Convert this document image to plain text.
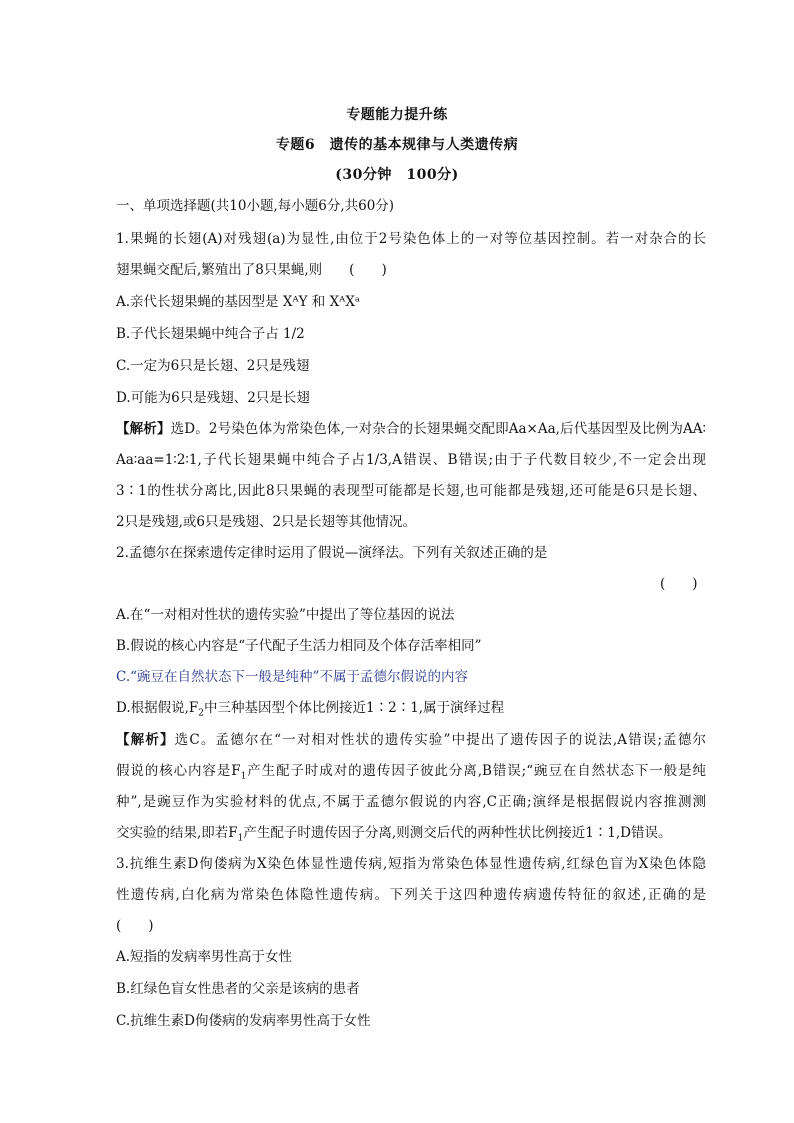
专题能力提升练
专题6　遗传的基本规律与人类遗传病
(30分钟　100分)
一、单项选择题(共10小题,每小题6分,共60分)
1.果蝇的长翅(A)对残翅(a)为显性,由位于2号染色体上的一对等位基因控制。若一对杂合的长
翅果蝇交配后,繁殖出了8只果蝇,则　　(　　)
A.亲代长翅果蝇的基因型是 XᴬY 和 XᴬXᵃ
B.子代长翅果蝇中纯合子占 1/2
C.一定为6只是长翅、2只是残翅
D.可能为6只是残翅、2只是长翅
【解析】选D。2号染色体为常染色体,一对杂合的长翅果蝇交配即Aa×Aa,后代基因型及比例为AA∶
Aa∶aa=1∶2∶1,子代长翅果蝇中纯合子占1/3,A错误、B错误;由于子代数目较少,不一定会出现
3∶1的性状分离比,因此8只果蝇的表现型可能都是长翅,也可能都是残翅,还可能是6只是长翅、
2只是残翅,或6只是残翅、2只是长翅等其他情况。
2.孟德尔在探索遗传定律时运用了假说—演绎法。下列有关叙述正确的是
(　　)
A.在“一对相对性状的遗传实验”中提出了等位基因的说法
B.假说的核心内容是“子代配子生活力相同及个体存活率相同”
C.“豌豆在自然状态下一般是纯种”不属于孟德尔假说的内容
D.根据假说$,F_2$中三种基因型个体比例接近1∶2∶1,属于演绎过程
【解析】选C。孟德尔在“一对相对性状的遗传实验”中提出了遗传因子的说法,A错误;孟德尔
假说的核心内容是$F_1$产生配子时成对的遗传因子彼此分离,B错误;“豌豆在自然状态下一般是纯
种”,是豌豆作为实验材料的优点,不属于孟德尔假说的内容,C正确;演绎是根据假说内容推测测
交实验的结果,即若$F_1$产生配子时遗传因子分离,则测交后代的两种性状比例接近1∶1,D错误。
3.抗维生素D佝偻病为X染色体显性遗传病,短指为常染色体显性遗传病,红绿色盲为X染色体隐
性遗传病,白化病为常染色体隐性遗传病。下列关于这四种遗传病遗传特征的叙述,正确的是
(　　)
A.短指的发病率男性高于女性
B.红绿色盲女性患者的父亲是该病的患者
C.抗维生素D佝偻病的发病率男性高于女性
